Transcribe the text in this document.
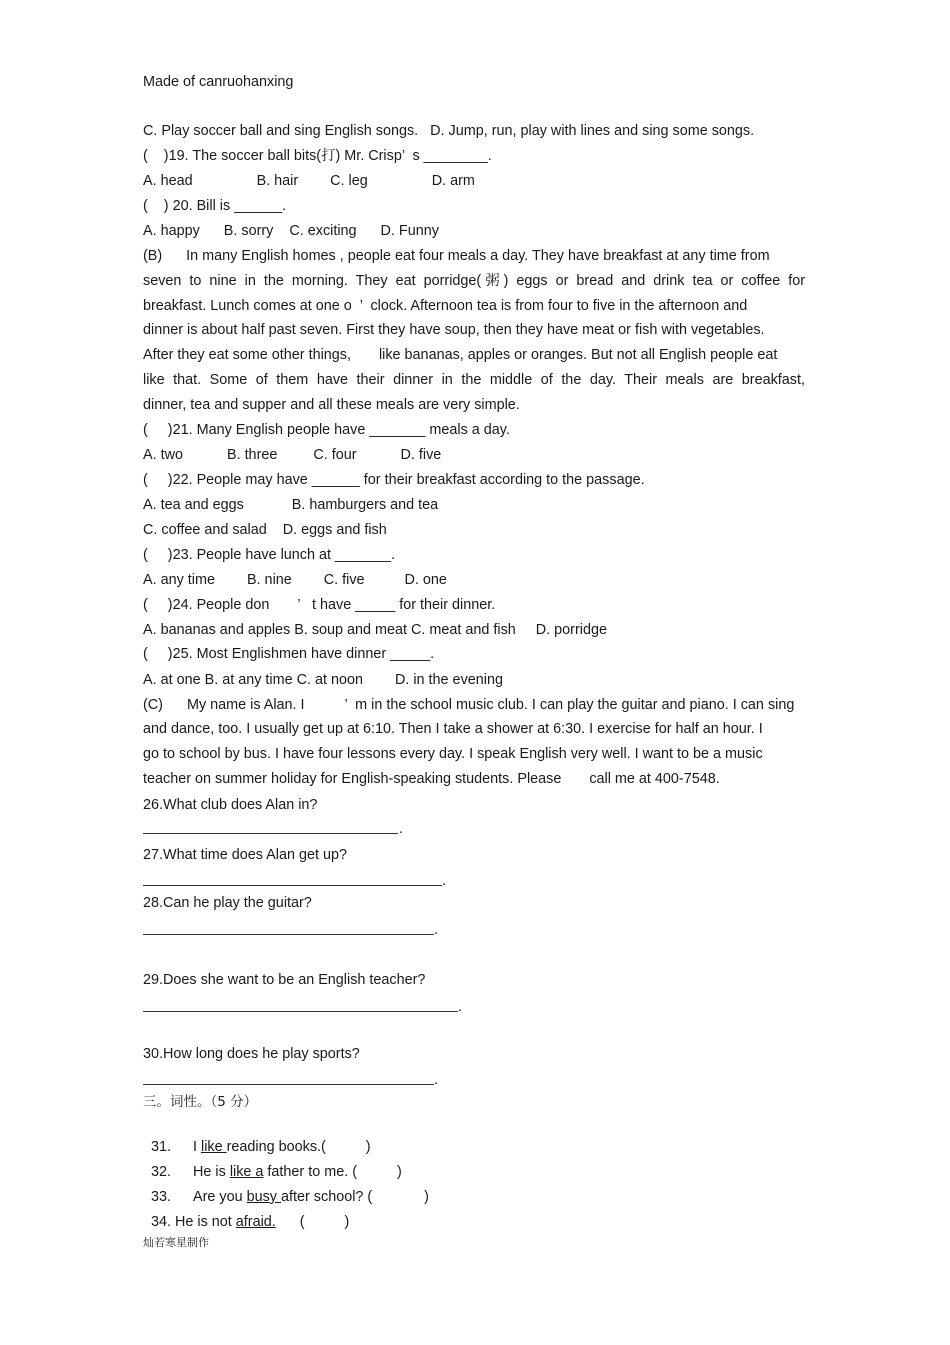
Made of canruohanxing
C. Play soccer ball and sing English songs.   D. Jump, run, play with lines and sing some songs.
(    )19. The soccer ball bits(打) Mr. Crisp’  s ________.
A. head                B. hair        C. leg                D. arm
(    ) 20. Bill is ______.
A. happy      B. sorry    C. exciting      D. Funny
(B)      In many English homes , people eat four meals a day. They have breakfast at any time from
seven to nine in the morning. They eat porridge(粥) eggs or bread and drink tea or coffee for
breakfast. Lunch comes at one o  ’  clock. Afternoon tea is from four to five in the afternoon and
dinner is about half past seven. First they have soup, then they have meat or fish with vegetables.
After they eat some other things,       like bananas, apples or oranges. But not all English people eat
like that. Some of them have their dinner in the middle of the day. Their meals are breakfast,
dinner, tea and supper and all these meals are very simple.
(     )21. Many English people have _______ meals a day.
A. two           B. three         C. four           D. five
(     )22. People may have ______ for their breakfast according to the passage.
A. tea and eggs            B. hamburgers and tea
C. coffee and salad    D. eggs and fish
(     )23. People have lunch at _______.
A. any time        B. nine        C. five          D. one
(     )24. People don       ’   t have _____ for their dinner.
A. bananas and apples B. soup and meat C. meat and fish     D. porridge
(     )25. Most Englishmen have dinner _____.
A. at one B. at any time C. at noon        D. in the evening
(C)      My name is Alan. I          ’  m in the school music club. I can play the guitar and piano. I can sing
and dance, too. I usually get up at 6:10. Then I take a shower at 6:30. I exercise for half an hour. I
go to school by bus. I have four lessons every day. I speak English very well. I want to be a music
teacher on summer holiday for English-speaking students. Please       call me at 400-7548.
26.What club does Alan in?
.
27.What time does Alan get up?
.
28.Can he play the guitar?
.
29.Does she want to be an English teacher?
.
30.How long does he play sports?
.
三。词性。（5 分）

31. I like reading books.(          )

32. He is like a father to me. (          )

33. Are you busy after school? (             )

34. He is not afraid.      (          )

灿若寒星制作
